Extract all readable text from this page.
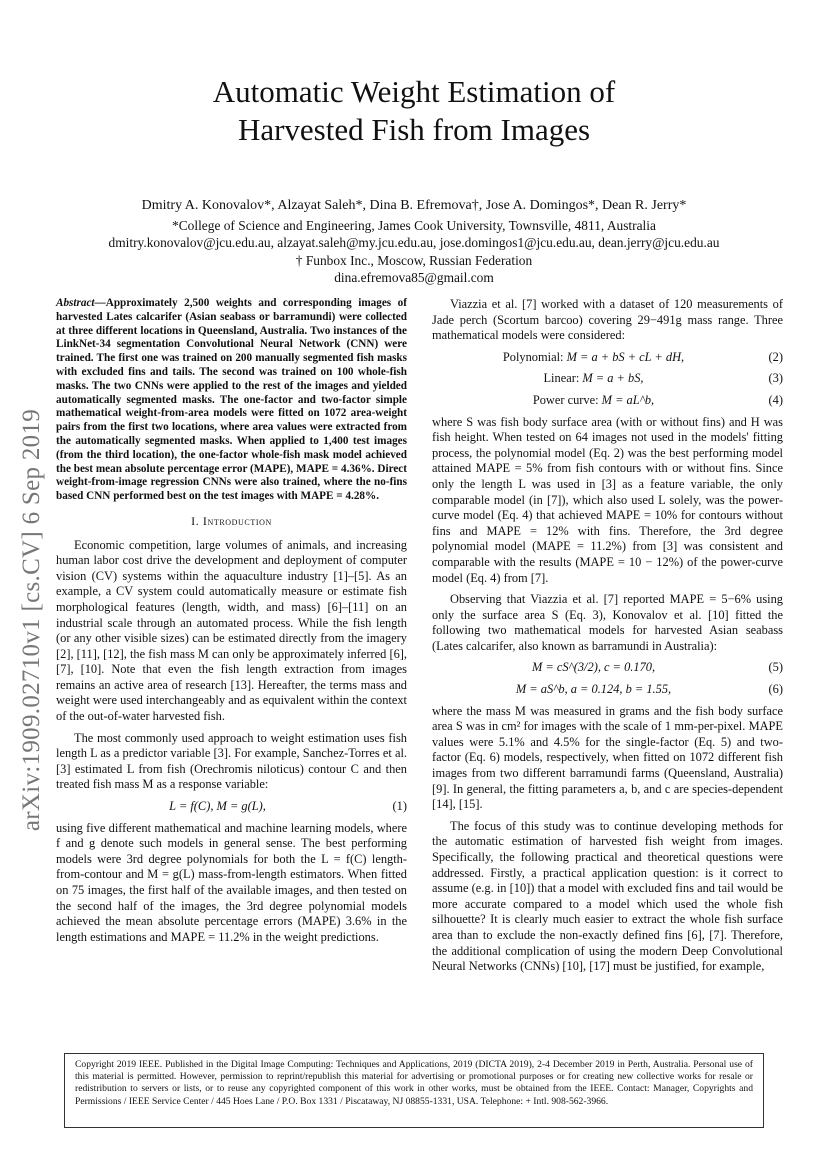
arXiv:1909.02710v1 [cs.CV] 6 Sep 2019
Automatic Weight Estimation of
Harvested Fish from Images
Dmitry A. Konovalov*, Alzayat Saleh*, Dina B. Efremova†, Jose A. Domingos*, Dean R. Jerry*
*College of Science and Engineering, James Cook University, Townsville, 4811, Australia
dmitry.konovalov@jcu.edu.au, alzayat.saleh@my.jcu.edu.au, jose.domingos1@jcu.edu.au, dean.jerry@jcu.edu.au
† Funbox Inc., Moscow, Russian Federation
dina.efremova85@gmail.com
Abstract—Approximately 2,500 weights and corresponding images of harvested Lates calcarifer (Asian seabass or barramundi) were collected at three different locations in Queensland, Australia. Two instances of the LinkNet-34 segmentation Convolutional Neural Network (CNN) were trained. The first one was trained on 200 manually segmented fish masks with excluded fins and tails. The second was trained on 100 whole-fish masks. The two CNNs were applied to the rest of the images and yielded automatically segmented masks. The one-factor and two-factor simple mathematical weight-from-area models were fitted on 1072 area-weight pairs from the first two locations, where area values were extracted from the automatically segmented masks. When applied to 1,400 test images (from the third location), the one-factor whole-fish mask model achieved the best mean absolute percentage error (MAPE), MAPE = 4.36%. Direct weight-from-image regression CNNs were also trained, where the no-fins based CNN performed best on the test images with MAPE = 4.28%.
I. Introduction

Economic competition, large volumes of animals, and increasing human labor cost drive the development and deployment of computer vision (CV) systems within the aquaculture industry [1]–[5]. As an example, a CV system could automatically measure or estimate fish morphological features (length, width, and mass) [6]–[11] on an industrial scale through an automated process. While the fish length (or any other visible sizes) can be estimated directly from the imagery [2], [11], [12], the fish mass M can only be approximately inferred [6], [7], [10]. Note that even the fish length extraction from images remains an active area of research [13]. Hereafter, the terms mass and weight were used interchangeably and as equivalent within the context of the out-of-water harvested fish.

The most commonly used approach to weight estimation uses fish length L as a predictor variable [3]. For example, Sanchez-Torres et al. [3] estimated L from fish (Orechromis niloticus) contour C and then treated fish mass M as a response variable:

L = f(C), M = g(L),	(1)

using five different mathematical and machine learning models, where f and g denote such models in general sense. The best performing models were 3rd degree polynomials for both the L = f(C) length-from-contour and M = g(L) mass-from-length estimators. When fitted on 75 images, the first half of the available images, and then tested on the second half of the images, the 3rd degree polynomial models achieved the mean absolute percentage errors (MAPE) 3.6% in the length estimations and MAPE = 11.2% in the weight predictions.

Viazzia et al. [7] worked with a dataset of 120 measurements of Jade perch (Scortum barcoo) covering 29−491g mass range. Three mathematical models were considered:

Polynomial: M = a + bS + cL + dH,	(2)
Linear: M = a + bS,	(3)
Power curve: M = aL^b,	(4)

where S was fish body surface area (with or without fins) and H was fish height. When tested on 64 images not used in the models' fitting process, the polynomial model (Eq. 2) was the best performing model attained MAPE = 5% from fish contours with or without fins. Since only the length L was used in [3] as a feature variable, the only comparable model (in [7]), which also used L solely, was the power-curve model (Eq. 4) that achieved MAPE = 10% for contours without fins and MAPE = 12% with fins. Therefore, the 3rd degree polynomial model (MAPE = 11.2%) from [3] was consistent and comparable with the results (MAPE = 10 − 12%) of the power-curve model (Eq. 4) from [7].

Observing that Viazzia et al. [7] reported MAPE = 5−6% using only the surface area S (Eq. 3), Konovalov et al. [10] fitted the following two mathematical models for harvested Asian seabass (Lates calcarifer, also known as barramundi in Australia):

M = cS^(3/2), c = 0.170,	(5)
M = aS^b, a = 0.124, b = 1.55,	(6)

where the mass M was measured in grams and the fish body surface area S was in cm² for images with the scale of 1 mm-per-pixel. MAPE values were 5.1% and 4.5% for the single-factor (Eq. 5) and two-factor (Eq. 6) models, respectively, when fitted on 1072 different fish images from two different barramundi farms (Queensland, Australia) [9]. In general, the fitting parameters a, b, and c are species-dependent [14], [15].

The focus of this study was to continue developing methods for the automatic estimation of harvested fish weight from images. Specifically, the following practical and theoretical questions were addressed. Firstly, a practical application question: is it correct to assume (e.g. in [10]) that a model with excluded fins and tail would be more accurate compared to a model which used the whole fish silhouette? It is clearly much easier to extract the whole fish surface area than to exclude the non-exactly defined fins [6], [7]. Therefore, the additional complication of using the modern Deep Convolutional Neural Networks (CNNs) [10], [17] must be justified, for example,

Copyright 2019 IEEE. Published in the Digital Image Computing: Techniques and Applications, 2019 (DICTA 2019), 2-4 December 2019 in Perth, Australia. Personal use of this material is permitted. However, permission to reprint/republish this material for advertising or promotional purposes or for creating new collective works for resale or redistribution to servers or lists, or to reuse any copyrighted component of this work in other works, must be obtained from the IEEE. Contact: Manager, Copyrights and Permissions / IEEE Service Center / 445 Hoes Lane / P.O. Box 1331 / Piscataway, NJ 08855-1331, USA. Telephone: + Intl. 908-562-3966.
